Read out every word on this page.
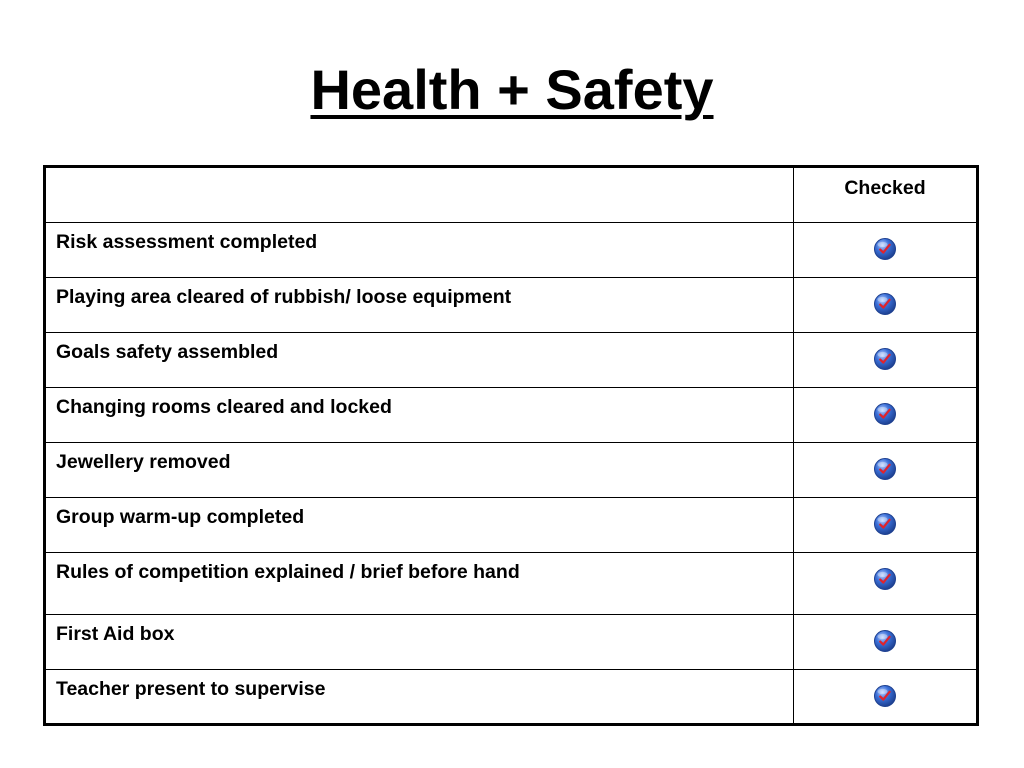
Health + Safety

	Checked

Risk assessment completed

Playing area cleared of rubbish/ loose equipment

Goals safety assembled

Changing rooms cleared and locked

Jewellery removed

Group warm-up completed

Rules of competition explained / brief before hand

First Aid box

Teacher present to supervise
